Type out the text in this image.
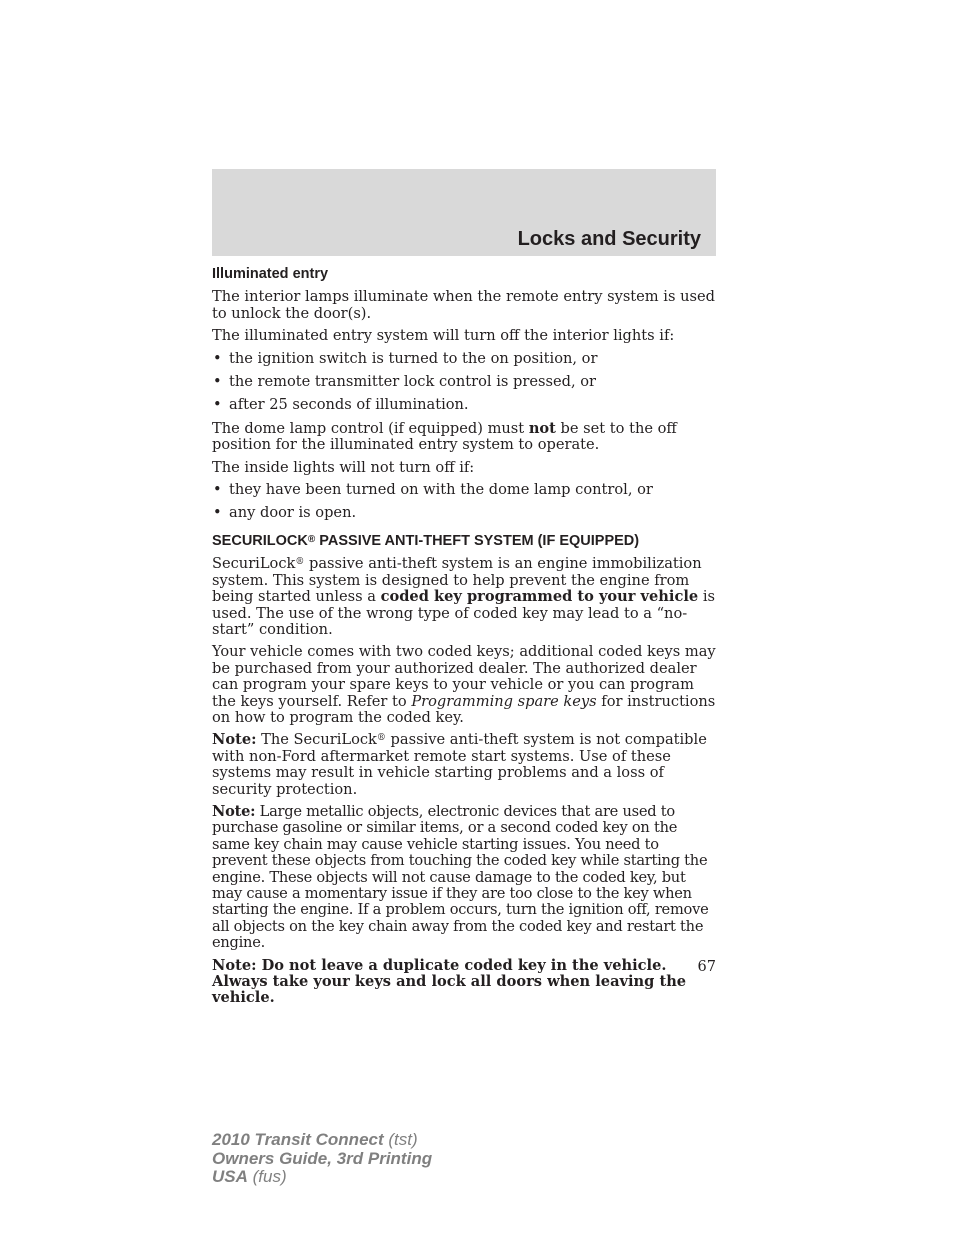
Locks and Security
Illuminated entry

The interior lamps illuminate when the remote entry system is used to unlock the door(s).

The illuminated entry system will turn off the interior lights if:

• the ignition switch is turned to the on position, or
• the remote transmitter lock control is pressed, or
• after 25 seconds of illumination.

The dome lamp control (if equipped) must not be set to the off position for the illuminated entry system to operate.

The inside lights will not turn off if:

• they have been turned on with the dome lamp control, or
• any door is open.
SECURILOCK® PASSIVE ANTI-THEFT SYSTEM (IF EQUIPPED)

SecuriLock® passive anti-theft system is an engine immobilization system. This system is designed to help prevent the engine from being started unless a coded key programmed to your vehicle is used. The use of the wrong type of coded key may lead to a “no-start” condition.

Your vehicle comes with two coded keys; additional coded keys may be purchased from your authorized dealer. The authorized dealer can program your spare keys to your vehicle or you can program the keys yourself. Refer to Programming spare keys for instructions on how to program the coded key.

Note: The SecuriLock® passive anti-theft system is not compatible with non-Ford aftermarket remote start systems. Use of these systems may result in vehicle starting problems and a loss of security protection.

Note: Large metallic objects, electronic devices that are used to purchase gasoline or similar items, or a second coded key on the same key chain may cause vehicle starting issues. You need to prevent these objects from touching the coded key while starting the engine. These objects will not cause damage to the coded key, but may cause a momentary issue if they are too close to the key when starting the engine. If a problem occurs, turn the ignition off, remove all objects on the key chain away from the coded key and restart the engine.

Note: Do not leave a duplicate coded key in the vehicle. Always take your keys and lock all doors when leaving the vehicle.

67
2010 Transit Connect (tst)
Owners Guide, 3rd Printing
USA (fus)
